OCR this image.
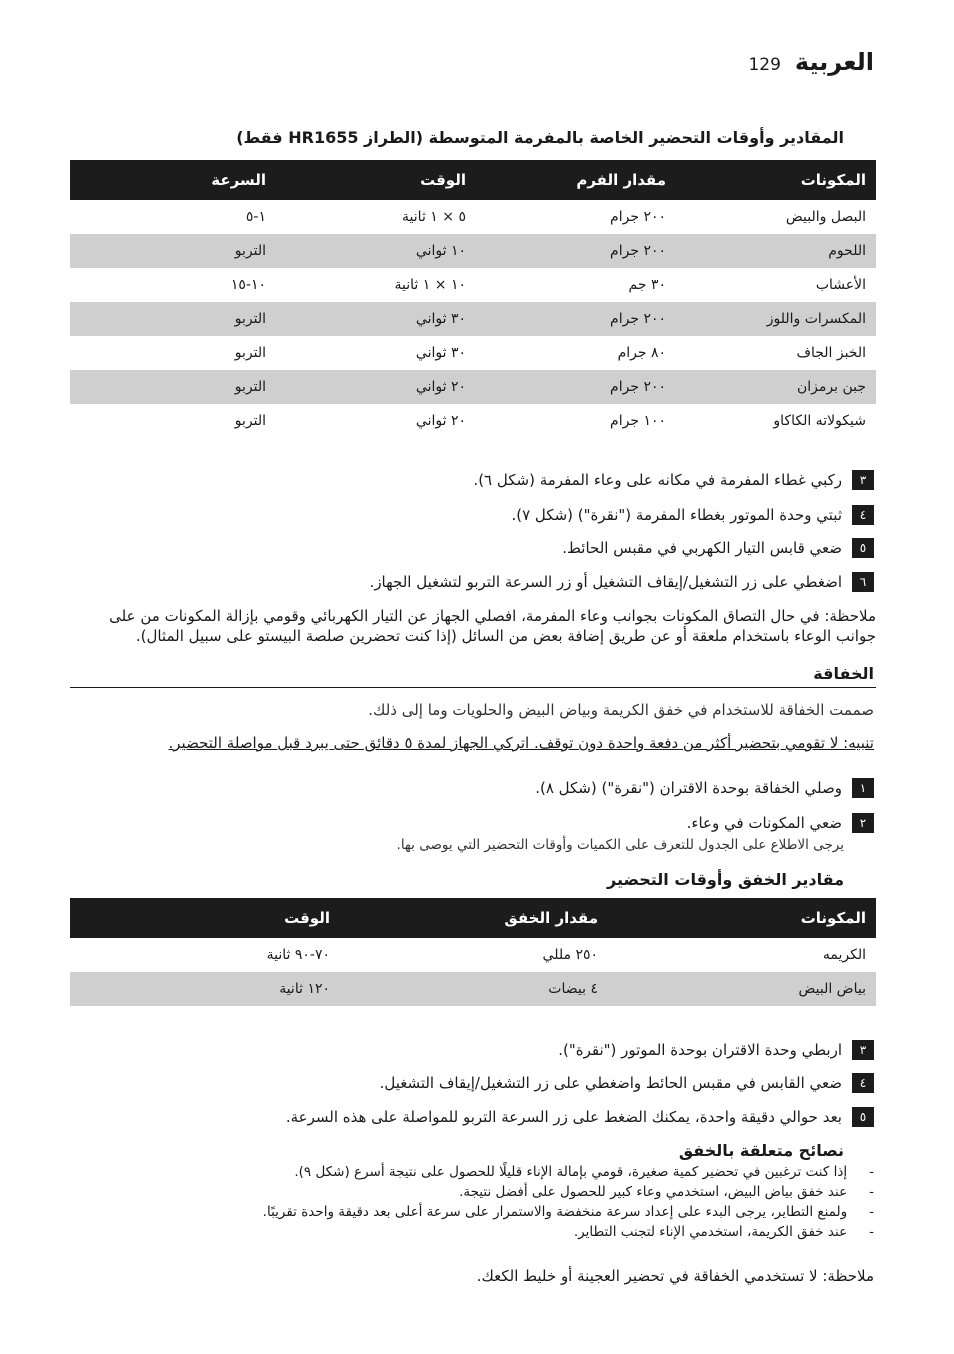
العربية
129
المقادير وأوقات التحضير الخاصة بالمفرمة المتوسطة (الطراز HR1655 فقط)
المكونات	مقدار الفرم	الوقت	السرعة
البصل والبيض	٢٠٠ جرام	٥ × ١ ثانية	١-٥
اللحوم	٢٠٠ جرام	١٠ ثواني	التربو
الأعشاب	٣٠ جم	١٠ × ١ ثانية	١٠-١٥
المكسرات واللوز	٢٠٠ جرام	٣٠ ثواني	التربو
الخبز الجاف	٨٠ جرام	٣٠ ثواني	التربو
جبن برمزان	٢٠٠ جرام	٢٠ ثواني	التربو
شيكولاته الكاكاو	١٠٠ جرام	٢٠ ثواني	التربو
٣
ركبي غطاء المفرمة في مكانه على وعاء المفرمة (شكل ٦).
٤
ثبتي وحدة الموتور بغطاء المفرمة ("نقرة") (شكل ٧).
٥
ضعي قابس التيار الكهربي في مقبس الحائط.
٦
اضغطي على زر التشغيل/إيقاف التشغيل أو زر السرعة التربو لتشغيل الجهاز.
ملاحظة: في حال التصاق المكونات بجوانب وعاء المفرمة، افصلي الجهاز عن التيار الكهربائي وقومي بإزالة المكونات من على جوانب الوعاء باستخدام ملعقة أو عن طريق إضافة بعض من السائل (إذا كنت تحضرين صلصة البيستو على سبيل المثال).
الخفاقة
صممت الخفاقة للاستخدام في خفق الكريمة وبياض البيض والحلويات وما إلى ذلك.
تنبيه: لا تقومي بتحضير أكثر من دفعة واحدة دون توقف. اتركي الجهاز لمدة ٥ دقائق حتى يبرد قبل مواصلة التحضير.
١
وصلي الخفاقة بوحدة الاقتران ("نقرة") (شكل ٨).
٢
ضعي المكونات في وعاء.
يرجى الاطلاع على الجدول للتعرف على الكميات وأوقات التحضير التي يوصى بها.
مقادير الخفق وأوقات التحضير
المكونات	مقدار الخفق	الوقت
الكريمه	٢٥٠ مللي	٧٠-٩٠ ثانية
بياض البيض	٤ بيضات	١٢٠ ثانية
٣
اربطي وحدة الاقتران بوحدة الموتور ("نقرة").
٤
ضعي القابس في مقبس الحائط واضغطي على زر التشغيل/إيقاف التشغيل.
٥
بعد حوالي دقيقة واحدة، يمكنك الضغط على زر السرعة التربو للمواصلة على هذه السرعة.
نصائح متعلقة بالخفق
-
إذا كنت ترغبين في تحضير كمية صغيرة، قومي بإمالة الإناء قليلًا للحصول على نتيجة أسرع (شكل ٩).
-
عند خفق بياض البيض، استخدمي وعاء كبير للحصول على أفضل نتيجة.
-
ولمنع التطاير، يرجى البدء على إعداد سرعة منخفضة والاستمرار على سرعة أعلى بعد دقيقة واحدة تقريبًا.
-
عند خفق الكريمة، استخدمي الإناء لتجنب التطاير.
ملاحظة: لا تستخدمي الخفاقة في تحضير العجينة أو خليط الكعك.
